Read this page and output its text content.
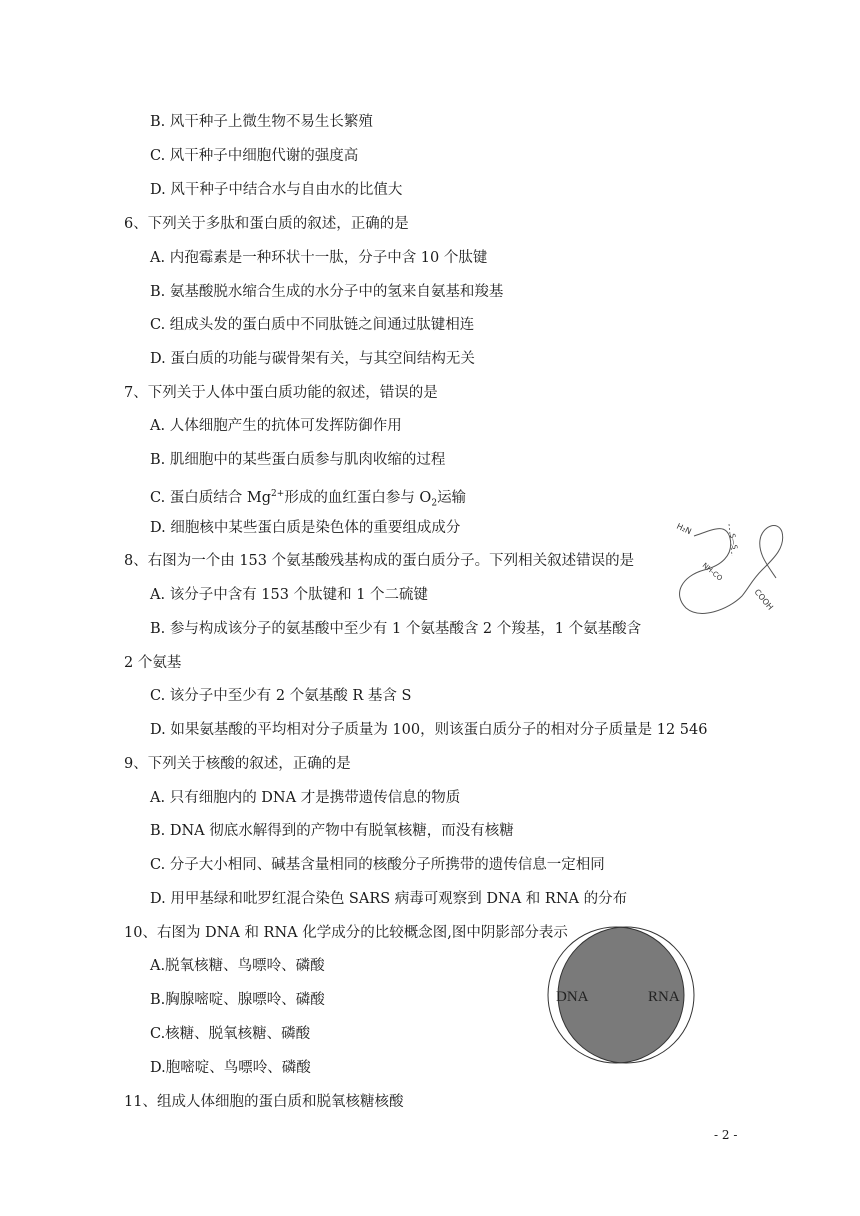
B. 风干种子上微生物不易生长繁殖
C. 风干种子中细胞代谢的强度高
D. 风干种子中结合水与自由水的比值大
6、下列关于多肽和蛋白质的叙述，正确的是
A. 内孢霉素是一种环状十一肽，分子中含 10 个肽键
B. 氨基酸脱水缩合生成的水分子中的氢来自氨基和羧基
C. 组成头发的蛋白质中不同肽链之间通过肽键相连
D. 蛋白质的功能与碳骨架有关，与其空间结构无关
7、下列关于人体中蛋白质功能的叙述，错误的是
A. 人体细胞产生的抗体可发挥防御作用
B. 肌细胞中的某些蛋白质参与肌肉收缩的过程
C. 蛋白质结合 $Mg^{2+}$形成的血红蛋白参与 $O_2$运输
D. 细胞核中某些蛋白质是染色体的重要组成成分
8、右图为一个由 153 个氨基酸残基构成的蛋白质分子。下列相关叙述错误的是
A. 该分子中含有 153 个肽键和 1 个二硫键
B. 参与构成该分子的氨基酸中至少有 1 个氨基酸含 2 个羧基，1 个氨基酸含
2 个氨基
C. 该分子中至少有 2 个氨基酸 R 基含 S
D. 如果氨基酸的平均相对分子质量为 100，则该蛋白质分子的相对分子质量是 12 546
9、下列关于核酸的叙述，正确的是
A. 只有细胞内的 DNA 才是携带遗传信息的物质
B. DNA 彻底水解得到的产物中有脱氧核糖，而没有核糖
C. 分子大小相同、碱基含量相同的核酸分子所携带的遗传信息一定相同
D. 用甲基绿和吡罗红混合染色 SARS 病毒可观察到 DNA 和 RNA 的分布
10、右图为 DNA 和 RNA 化学成分的比较概念图,图中阴影部分表示
A.脱氧核糖、鸟嘌呤、磷酸
B.胸腺嘧啶、腺嘌呤、磷酸
C.核糖、脱氧核糖、磷酸
D.胞嘧啶、鸟嘌呤、磷酸
11、组成人体细胞的蛋白质和脱氧核糖核酸
H₂N
S—S
NH-CO
COOH
DNA	RNA
- 2 -
